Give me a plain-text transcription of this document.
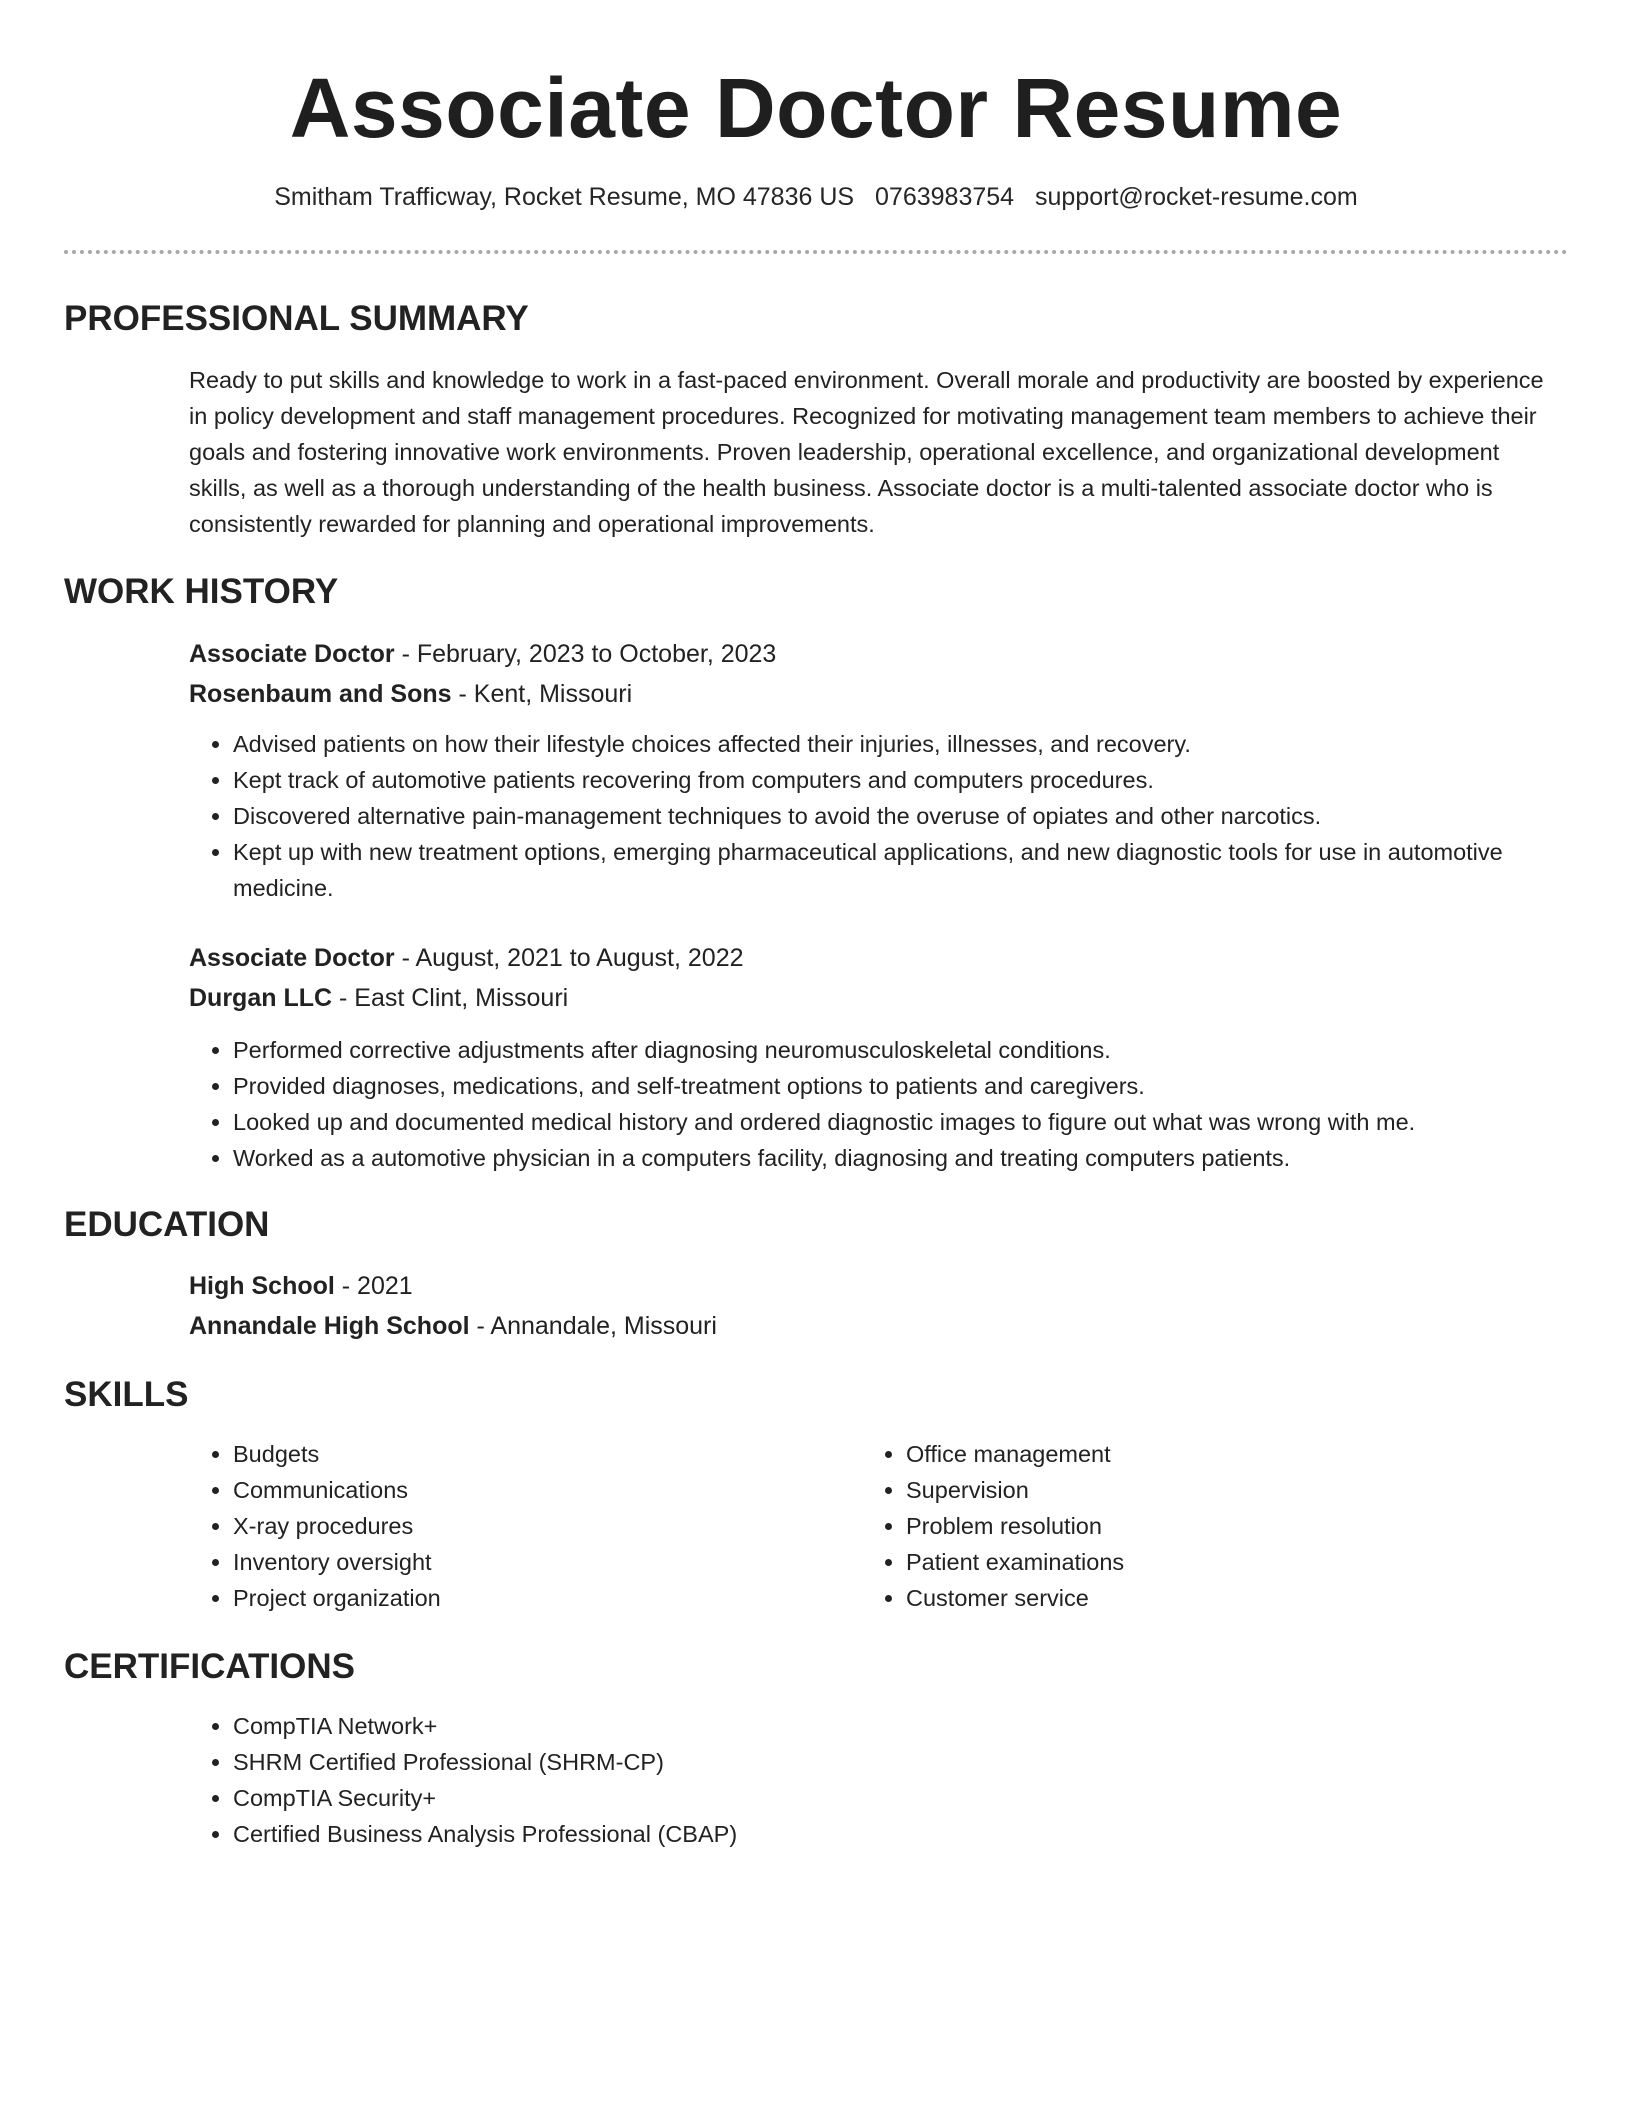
Associate Doctor Resume
Smitham Trafficway, Rocket Resume, MO 47836 US 0763983754 support@rocket-resume.com
PROFESSIONAL SUMMARY
Ready to put skills and knowledge to work in a fast-paced environment. Overall morale and productivity are boosted by experience in policy development and staff management procedures. Recognized for motivating management team members to achieve their goals and fostering innovative work environments. Proven leadership, operational excellence, and organizational development skills, as well as a thorough understanding of the health business. Associate doctor is a multi-talented associate doctor who is consistently rewarded for planning and operational improvements.
WORK HISTORY
Associate Doctor - February, 2023 to October, 2023
Rosenbaum and Sons - Kent, Missouri
• Advised patients on how their lifestyle choices affected their injuries, illnesses, and recovery.
• Kept track of automotive patients recovering from computers and computers procedures.
• Discovered alternative pain-management techniques to avoid the overuse of opiates and other narcotics.
• Kept up with new treatment options, emerging pharmaceutical applications, and new diagnostic tools for use in automotive medicine.
Associate Doctor - August, 2021 to August, 2022
Durgan LLC - East Clint, Missouri
• Performed corrective adjustments after diagnosing neuromusculoskeletal conditions.
• Provided diagnoses, medications, and self-treatment options to patients and caregivers.
• Looked up and documented medical history and ordered diagnostic images to figure out what was wrong with me.
• Worked as a automotive physician in a computers facility, diagnosing and treating computers patients.
EDUCATION
High School - 2021
Annandale High School - Annandale, Missouri
SKILLS
• Budgets
• Communications
• X-ray procedures
• Inventory oversight
• Project organization
• Office management
• Supervision
• Problem resolution
• Patient examinations
• Customer service
CERTIFICATIONS
• CompTIA Network+
• SHRM Certified Professional (SHRM-CP)
• CompTIA Security+
• Certified Business Analysis Professional (CBAP)
